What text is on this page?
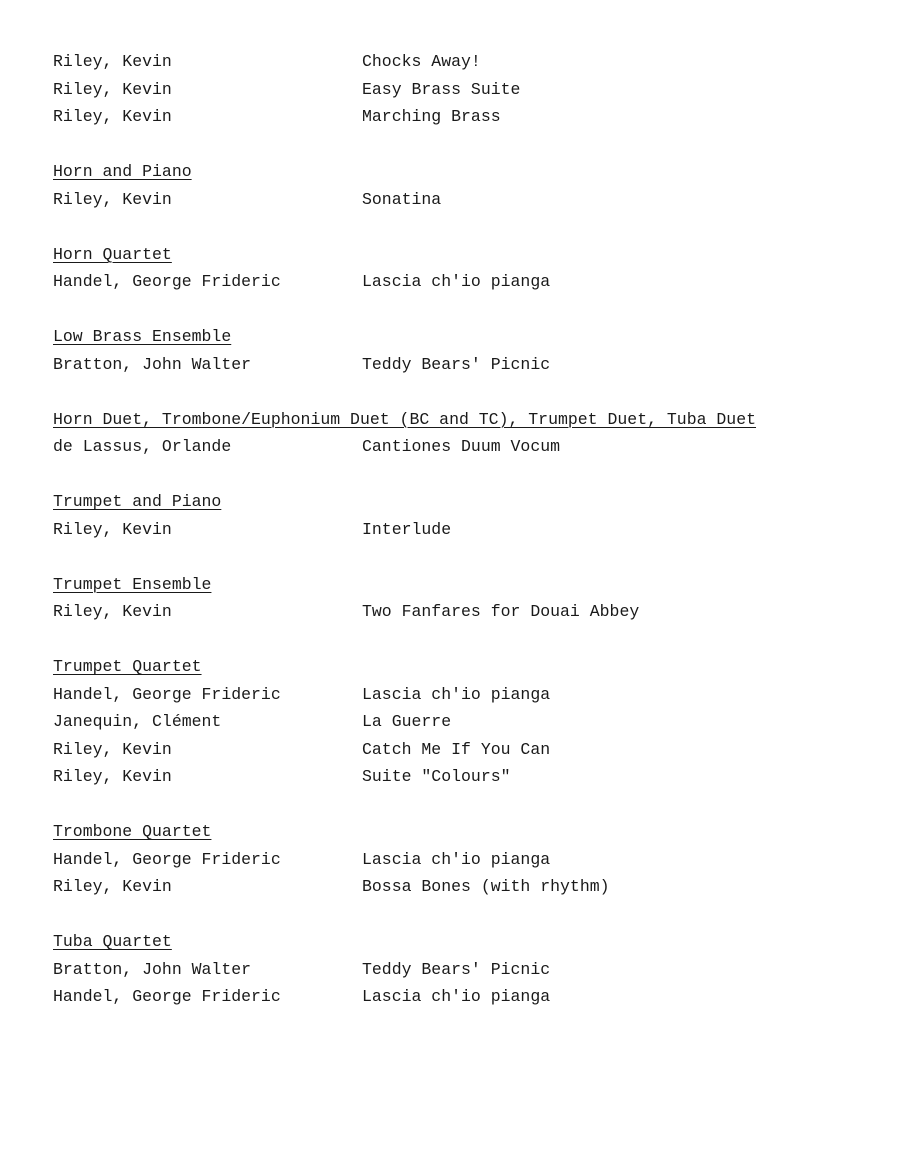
Riley, Kevin	Chocks Away!
Riley, Kevin	Easy Brass Suite
Riley, Kevin	Marching Brass
Horn and Piano
Riley, Kevin	Sonatina
Horn Quartet
Handel, George Frideric	Lascia ch'io pianga
Low Brass Ensemble
Bratton, John Walter	Teddy Bears' Picnic
Horn Duet, Trombone/Euphonium Duet (BC and TC), Trumpet Duet, Tuba Duet
de Lassus, Orlande	Cantiones Duum Vocum
Trumpet and Piano
Riley, Kevin	Interlude
Trumpet Ensemble
Riley, Kevin	Two Fanfares for Douai Abbey
Trumpet Quartet
Handel, George Frideric	Lascia ch'io pianga
Janequin, Clément	La Guerre
Riley, Kevin	Catch Me If You Can
Riley, Kevin	Suite "Colours"
Trombone Quartet
Handel, George Frideric	Lascia ch'io pianga
Riley, Kevin	Bossa Bones (with rhythm)
Tuba Quartet
Bratton, John Walter	Teddy Bears' Picnic
Handel, George Frideric	Lascia ch'io pianga
